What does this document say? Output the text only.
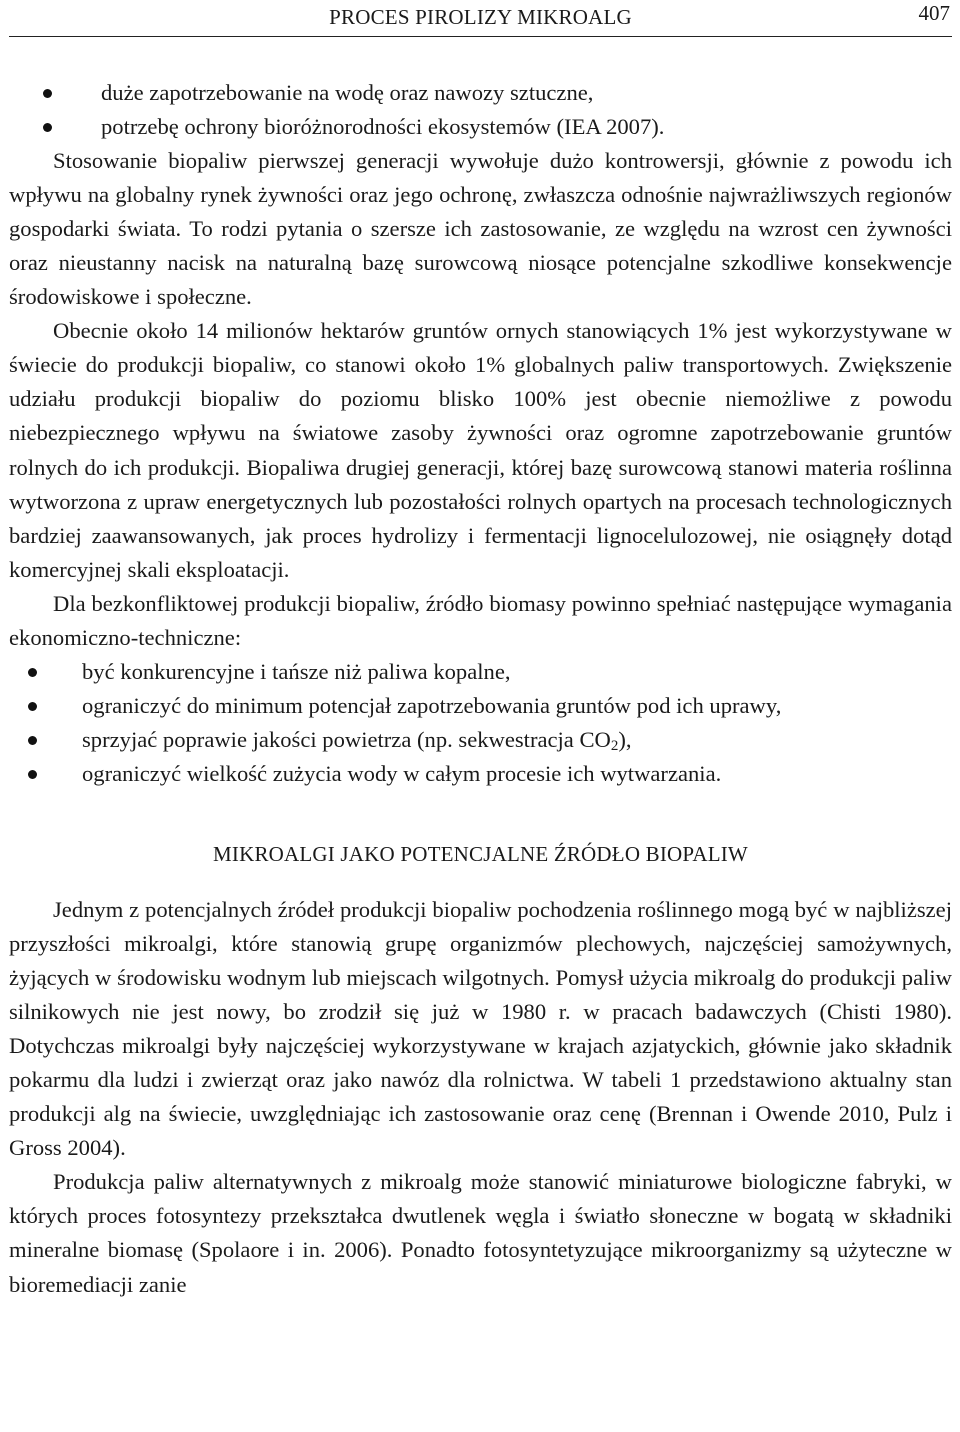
PROCES PIROLIZY MIKROALG	407
duże zapotrzebowanie na wodę oraz nawozy sztuczne,
potrzebę ochrony bioróżnorodności ekosystemów (IEA 2007).

Stosowanie biopaliw pierwszej generacji wywołuje dużo kontrowersji, głównie z powodu ich wpływu na globalny rynek żywności oraz jego ochronę, zwłaszcza odnośnie najwrażliwszych regionów gospodarki świata. To rodzi pytania o szersze ich zastosowanie, ze względu na wzrost cen żywności oraz nieustanny nacisk na naturalną bazę surowcową niosące potencjalne szkodliwe konsekwencje środowiskowe i społeczne.

Obecnie około 14 milionów hektarów gruntów ornych stanowiących 1% jest wykorzystywane w świecie do produkcji biopaliw, co stanowi około 1% globalnych paliw transportowych. Zwiększenie udziału produkcji biopaliw do poziomu blisko 100% jest obecnie niemożliwe z powodu niebezpiecznego wpływu na światowe zasoby żywności oraz ogromne zapotrzebowanie gruntów rolnych do ich produkcji. Biopaliwa drugiej generacji, której bazę surowcową stanowi materia roślinna wytworzona z upraw energetycznych lub pozostałości rolnych opartych na procesach technologicznych bardziej zaawansowanych, jak proces hydrolizy i fermentacji lignocelulozowej, nie osiągnęły dotąd komercyjnej skali eksploatacji.

Dla bezkonfliktowej produkcji biopaliw, źródło biomasy powinno spełniać następujące wymagania ekonomiczno-techniczne:

być konkurencyjne i tańsze niż paliwa kopalne,
ograniczyć do minimum potencjał zapotrzebowania gruntów pod ich uprawy,
sprzyjać poprawie jakości powietrza (np. sekwestracja $CO_2$),
ograniczyć wielkość zużycia wody w całym procesie ich wytwarzania.
MIKROALGI JAKO POTENCJALNE ŹRÓDŁO BIOPALIW

Jednym z potencjalnych źródeł produkcji biopaliw pochodzenia roślinnego mogą być w najbliższej przyszłości mikroalgi, które stanowią grupę organizmów plechowych, najczęściej samożywnych, żyjących w środowisku wodnym lub miejscach wilgotnych. Pomysł użycia mikroalg do produkcji paliw silnikowych nie jest nowy, bo zrodził się już w 1980 r. w pracach badawczych (Chisti 1980). Dotychczas mikroalgi były najczęściej wykorzystywane w krajach azjatyckich, głównie jako składnik pokarmu dla ludzi i zwierząt oraz jako nawóz dla rolnictwa. W tabeli 1 przedstawiono aktualny stan produkcji alg na świecie, uwzględniając ich zastosowanie oraz cenę (Brennan i Owende 2010, Pulz i Gross 2004).

Produkcja paliw alternatywnych z mikroalg może stanowić miniaturowe biologiczne fabryki, w których proces fotosyntezy przekształca dwutlenek węgla i światło słoneczne w bogatą w składniki mineralne biomasę (Spolaore i in. 2006). Ponadto fotosyntetyzujące mikroorganizmy są użyteczne w bioremediacji zanie
